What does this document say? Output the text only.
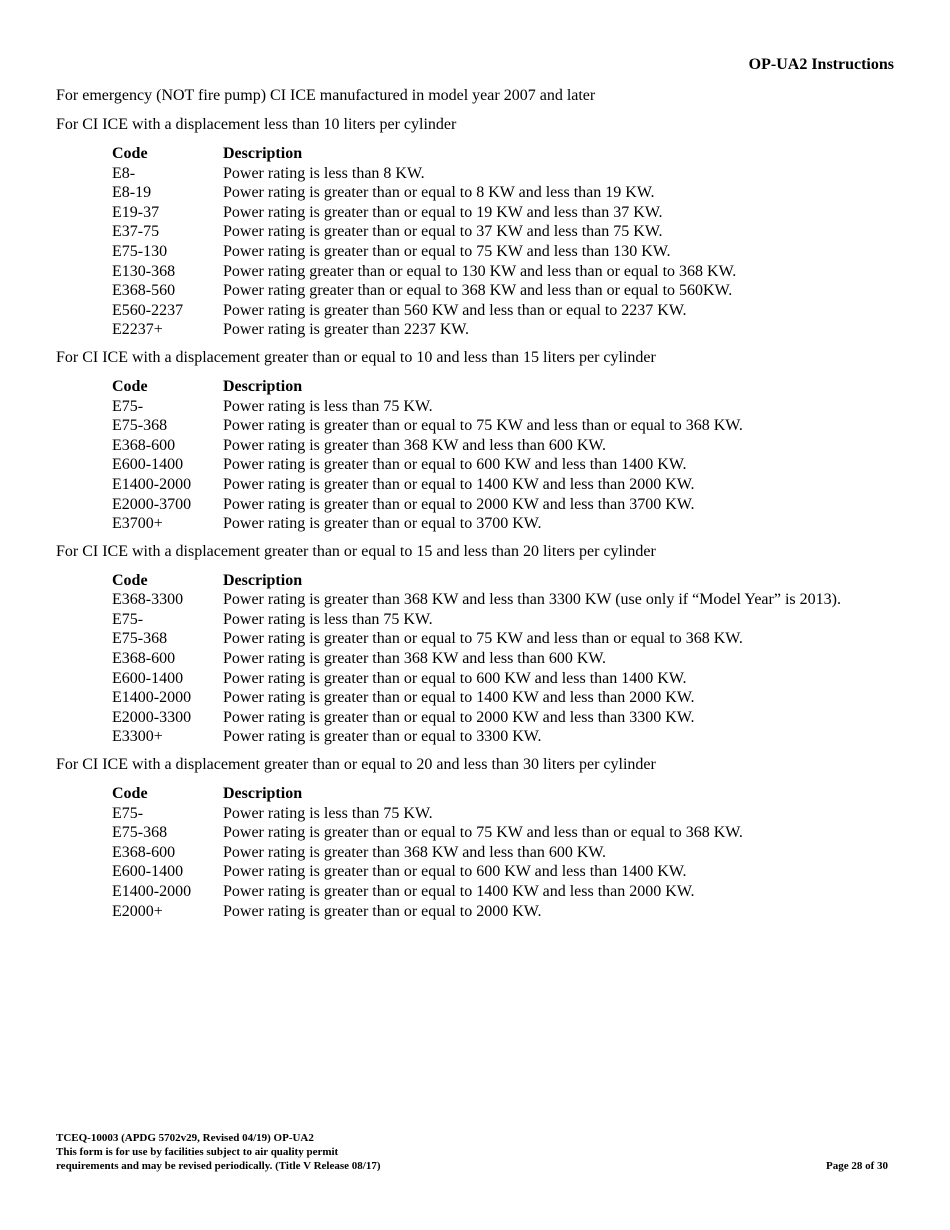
OP-UA2 Instructions

For emergency (NOT fire pump) CI ICE manufactured in model year 2007 and later

For CI ICE with a displacement less than 10 liters per cylinder

Code	Description
E8-	Power rating is less than 8 KW.
E8-19	Power rating is greater than or equal to 8 KW and less than 19 KW.
E19-37	Power rating is greater than or equal to 19 KW and less than 37 KW.
E37-75	Power rating is greater than or equal to 37 KW and less than 75 KW.
E75-130	Power rating is greater than or equal to 75 KW and less than 130 KW.
E130-368	Power rating greater than or equal to 130 KW and less than or equal to 368 KW.
E368-560	Power rating greater than or equal to 368 KW and less than or equal to 560KW.
E560-2237	Power rating is greater than 560 KW and less than or equal to 2237 KW.
E2237+	Power rating is greater than 2237 KW.

For CI ICE with a displacement greater than or equal to 10 and less than 15 liters per cylinder

Code	Description
E75-	Power rating is less than 75 KW.
E75-368	Power rating is greater than or equal to 75 KW and less than or equal to 368 KW.
E368-600	Power rating is greater than 368 KW and less than 600 KW.
E600-1400	Power rating is greater than or equal to 600 KW and less than 1400 KW.
E1400-2000	Power rating is greater than or equal to 1400 KW and less than 2000 KW.
E2000-3700	Power rating is greater than or equal to 2000 KW and less than 3700 KW.
E3700+	Power rating is greater than or equal to 3700 KW.

For CI ICE with a displacement greater than or equal to 15 and less than 20 liters per cylinder

Code	Description
E368-3300	Power rating is greater than 368 KW and less than 3300 KW (use only if “Model Year” is 2013).
E75-	Power rating is less than 75 KW.
E75-368	Power rating is greater than or equal to 75 KW and less than or equal to 368 KW.
E368-600	Power rating is greater than 368 KW and less than 600 KW.
E600-1400	Power rating is greater than or equal to 600 KW and less than 1400 KW.
E1400-2000	Power rating is greater than or equal to 1400 KW and less than 2000 KW.
E2000-3300	Power rating is greater than or equal to 2000 KW and less than 3300 KW.
E3300+	Power rating is greater than or equal to 3300 KW.

For CI ICE with a displacement greater than or equal to 20 and less than 30 liters per cylinder

Code	Description
E75-	Power rating is less than 75 KW.
E75-368	Power rating is greater than or equal to 75 KW and less than or equal to 368 KW.
E368-600	Power rating is greater than 368 KW and less than 600 KW.
E600-1400	Power rating is greater than or equal to 600 KW and less than 1400 KW.
E1400-2000	Power rating is greater than or equal to 1400 KW and less than 2000 KW.
E2000+	Power rating is greater than or equal to 2000 KW.
TCEQ-10003 (APDG 5702v29, Revised 04/19) OP-UA2
This form is for use by facilities subject to air quality permit
requirements and may be revised periodically. (Title V Release 08/17)	Page 28 of 30
